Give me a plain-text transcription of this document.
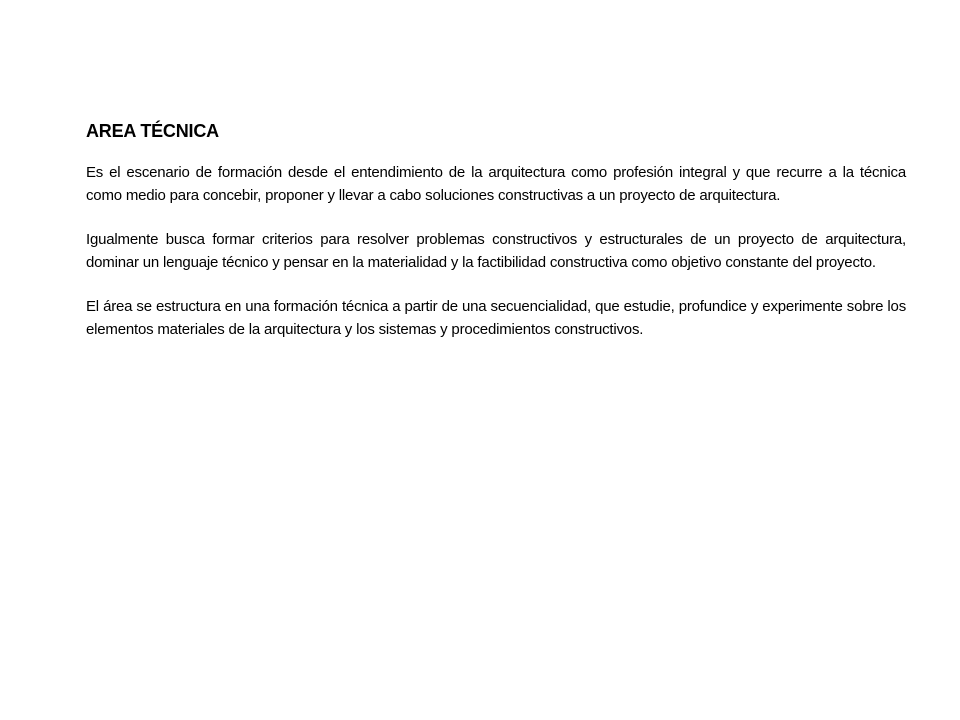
AREA TÉCNICA

Es el escenario de formación desde el entendimiento de la arquitectura como profesión integral y que recurre a la técnica como medio para concebir, proponer y llevar a cabo soluciones constructivas a un proyecto de arquitectura.

Igualmente busca formar criterios para resolver problemas constructivos y estructurales de un proyecto de arquitectura, dominar un lenguaje técnico y pensar en la materialidad y la factibilidad constructiva como objetivo constante del proyecto.

El área se estructura en una formación técnica a partir de una secuencialidad, que estudie, profundice y experimente sobre los elementos materiales de la arquitectura y los sistemas y procedimientos constructivos.
